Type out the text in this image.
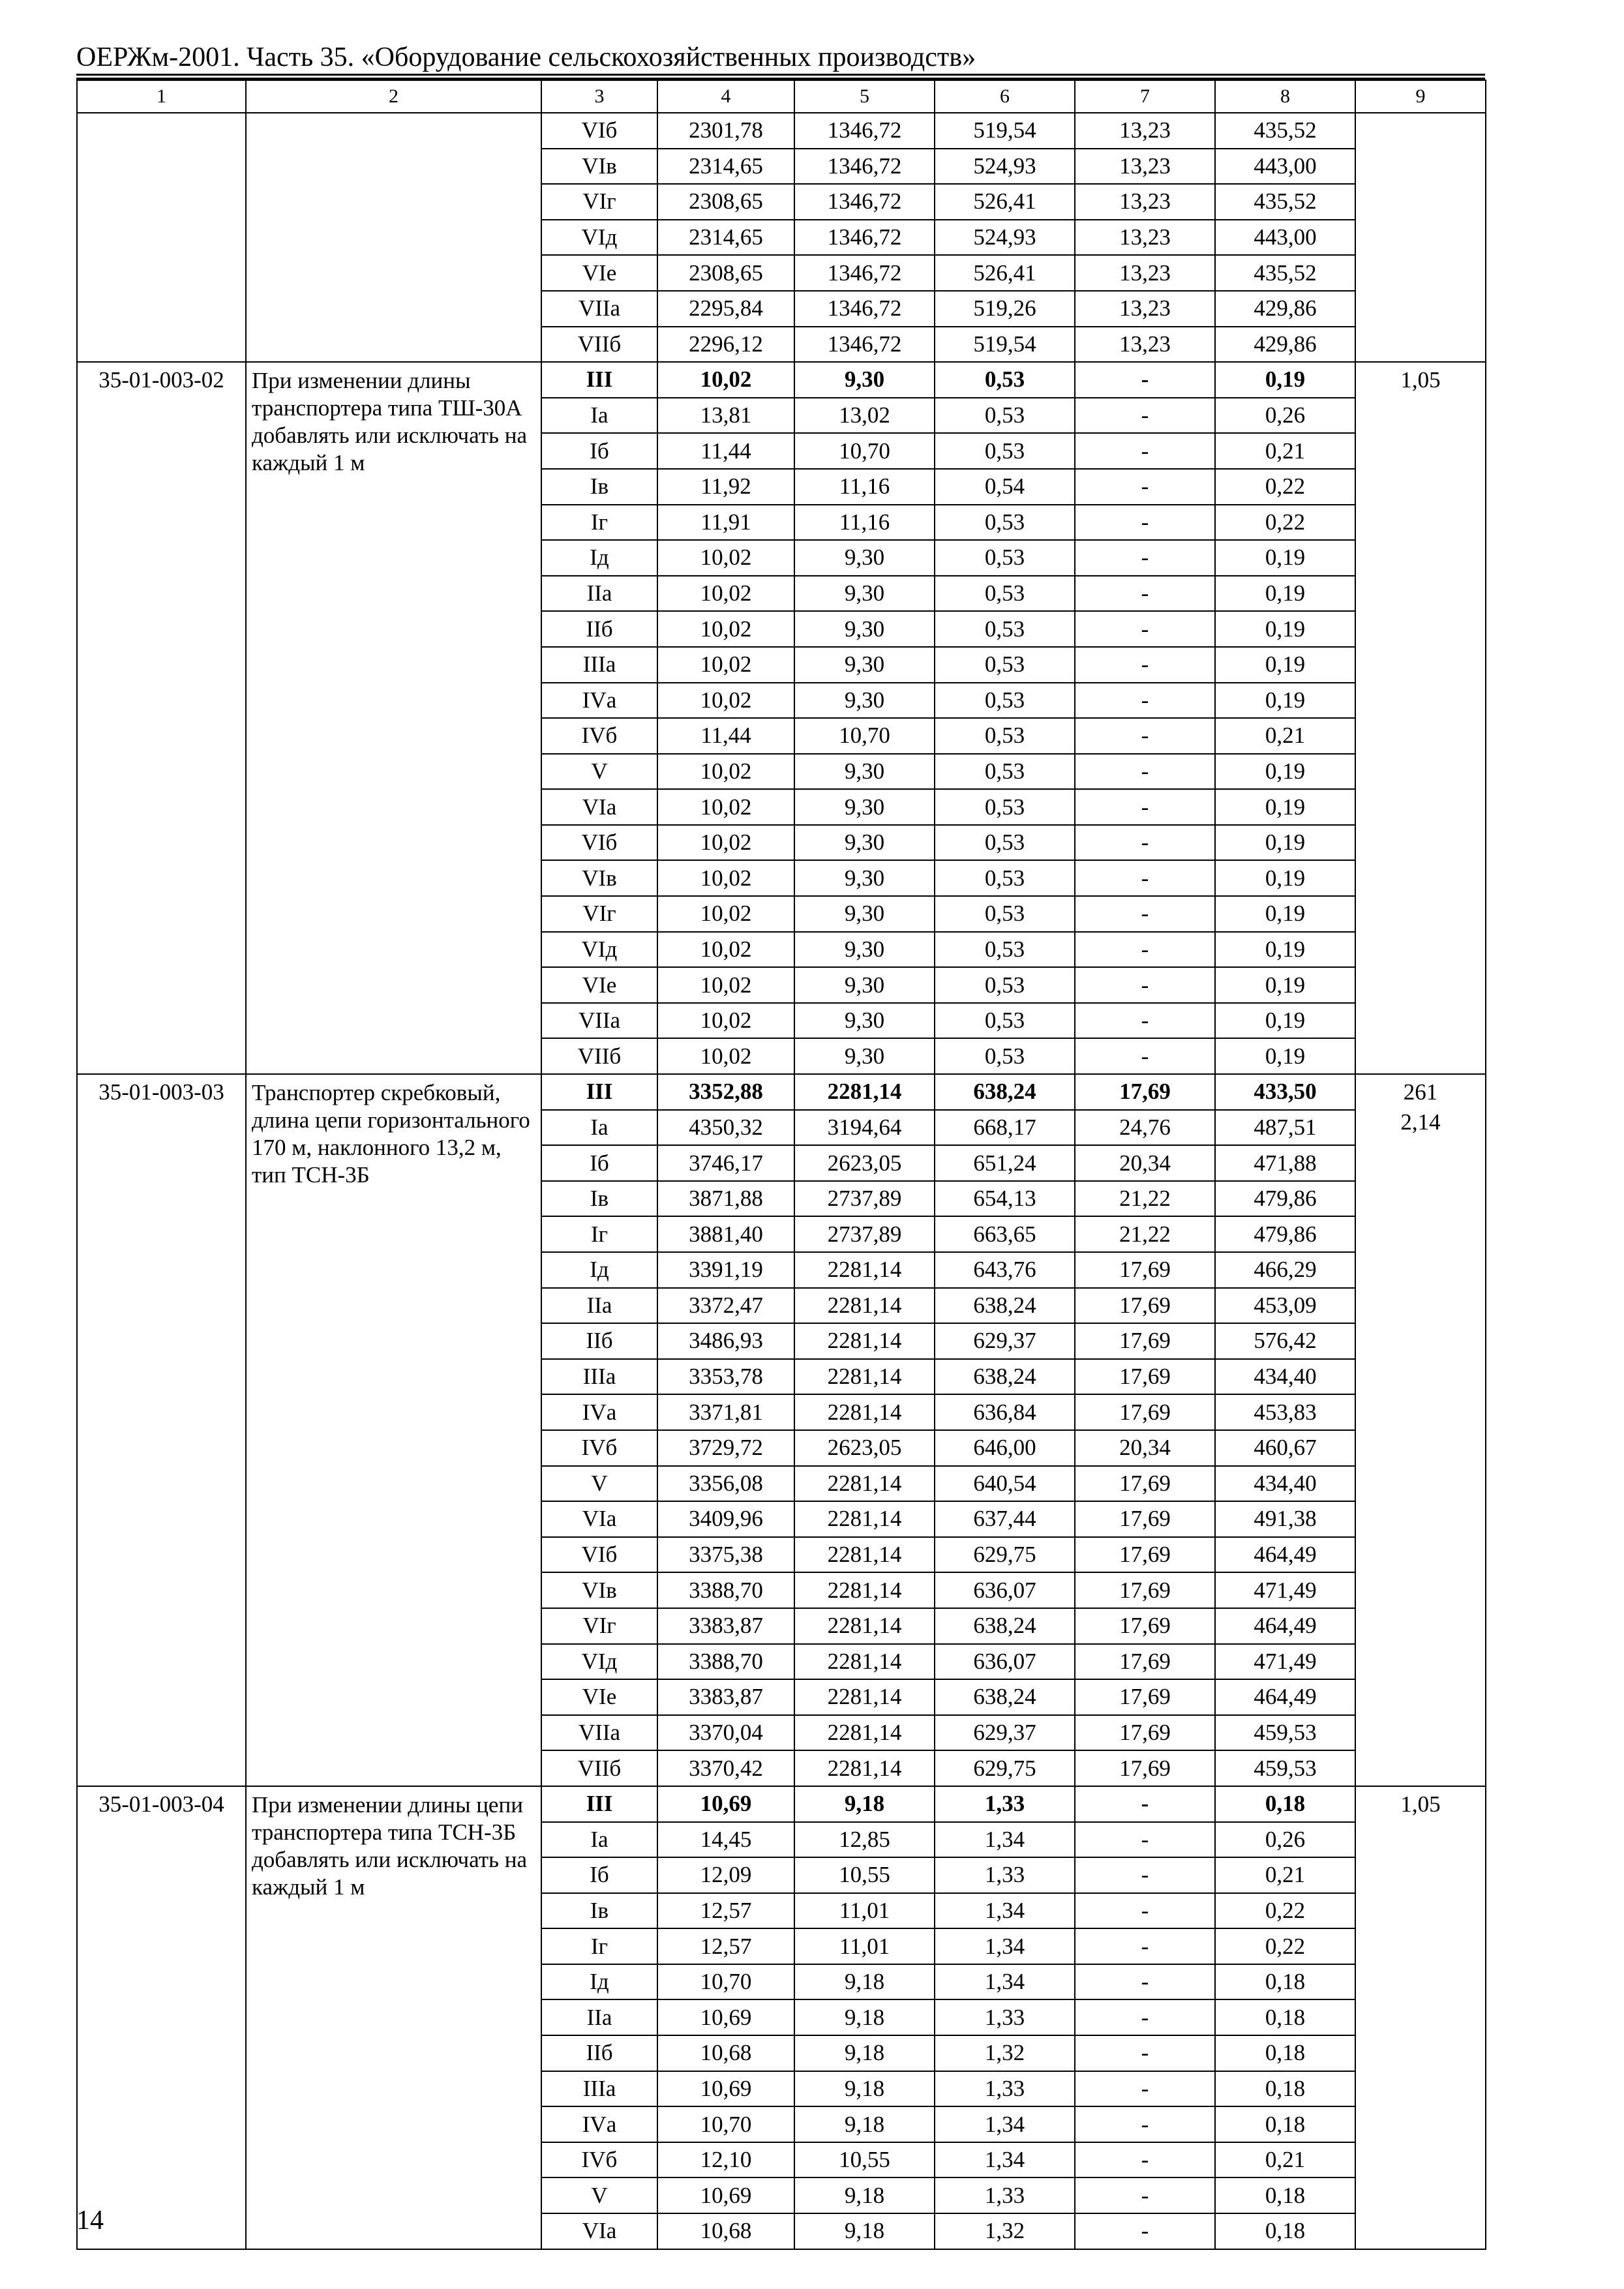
ОЕРЖм-2001. Часть 35. «Оборудование сельскохозяйственных производств»
1	2	3	4	5	6	7	8	9
		VIб	2301,78	1346,72	519,54	13,23	435,52	
		VIв	2314,65	1346,72	524,93	13,23	443,00	
		VIг	2308,65	1346,72	526,41	13,23	435,52	
		VIд	2314,65	1346,72	524,93	13,23	443,00	
		VIе	2308,65	1346,72	526,41	13,23	435,52	
		VIIа	2295,84	1346,72	519,26	13,23	429,86	
		VIIб	2296,12	1346,72	519,54	13,23	429,86	
35-01-003-02	При изменении длины транспортера типа ТШ-30А добавлять или исключать на каждый 1 м	III	10,02	9,30	0,53	-	0,19	1,05

		Iа	13,81	13,02	0,53	-	0,26	
		Iб	11,44	10,70	0,53	-	0,21	
		Iв	11,92	11,16	0,54	-	0,22	
		Iг	11,91	11,16	0,53	-	0,22	
		Iд	10,02	9,30	0,53	-	0,19	
		IIа	10,02	9,30	0,53	-	0,19	
		IIб	10,02	9,30	0,53	-	0,19	
		IIIа	10,02	9,30	0,53	-	0,19	
		IVа	10,02	9,30	0,53	-	0,19	
		IVб	11,44	10,70	0,53	-	0,21	
		V	10,02	9,30	0,53	-	0,19	
		VIа	10,02	9,30	0,53	-	0,19	
		VIб	10,02	9,30	0,53	-	0,19	
		VIв	10,02	9,30	0,53	-	0,19	
		VIг	10,02	9,30	0,53	-	0,19	
		VIд	10,02	9,30	0,53	-	0,19	
		VIе	10,02	9,30	0,53	-	0,19	
		VIIа	10,02	9,30	0,53	-	0,19	
		VIIб	10,02	9,30	0,53	-	0,19	
35-01-003-03	Транспортер скребковый, длина цепи горизонтального 170 м, наклонного 13,2 м, тип ТСН-3Б	III	3352,88	2281,14	638,24	17,69	433,50	261
2,14

		Iа	4350,32	3194,64	668,17	24,76	487,51	
		Iб	3746,17	2623,05	651,24	20,34	471,88	
		Iв	3871,88	2737,89	654,13	21,22	479,86	
		Iг	3881,40	2737,89	663,65	21,22	479,86	
		Iд	3391,19	2281,14	643,76	17,69	466,29	
		IIа	3372,47	2281,14	638,24	17,69	453,09	
		IIб	3486,93	2281,14	629,37	17,69	576,42	
		IIIа	3353,78	2281,14	638,24	17,69	434,40	
		IVа	3371,81	2281,14	636,84	17,69	453,83	
		IVб	3729,72	2623,05	646,00	20,34	460,67	
		V	3356,08	2281,14	640,54	17,69	434,40	
		VIа	3409,96	2281,14	637,44	17,69	491,38	
		VIб	3375,38	2281,14	629,75	17,69	464,49	
		VIв	3388,70	2281,14	636,07	17,69	471,49	
		VIг	3383,87	2281,14	638,24	17,69	464,49	
		VIд	3388,70	2281,14	636,07	17,69	471,49	
		VIе	3383,87	2281,14	638,24	17,69	464,49	
		VIIа	3370,04	2281,14	629,37	17,69	459,53	
		VIIб	3370,42	2281,14	629,75	17,69	459,53	
35-01-003-04	При изменении длины цепи транспортера типа ТСН-3Б добавлять или исключать на каждый 1 м	III	10,69	9,18	1,33	-	0,18	1,05

		Iа	14,45	12,85	1,34	-	0,26	
		Iб	12,09	10,55	1,33	-	0,21	
		Iв	12,57	11,01	1,34	-	0,22	
		Iг	12,57	11,01	1,34	-	0,22	
		Iд	10,70	9,18	1,34	-	0,18	
		IIа	10,69	9,18	1,33	-	0,18	
		IIб	10,68	9,18	1,32	-	0,18	
		IIIа	10,69	9,18	1,33	-	0,18	
		IVа	10,70	9,18	1,34	-	0,18	
		IVб	12,10	10,55	1,34	-	0,21	
		V	10,69	9,18	1,33	-	0,18	
		VIа	10,68	9,18	1,32	-	0,18	
14
